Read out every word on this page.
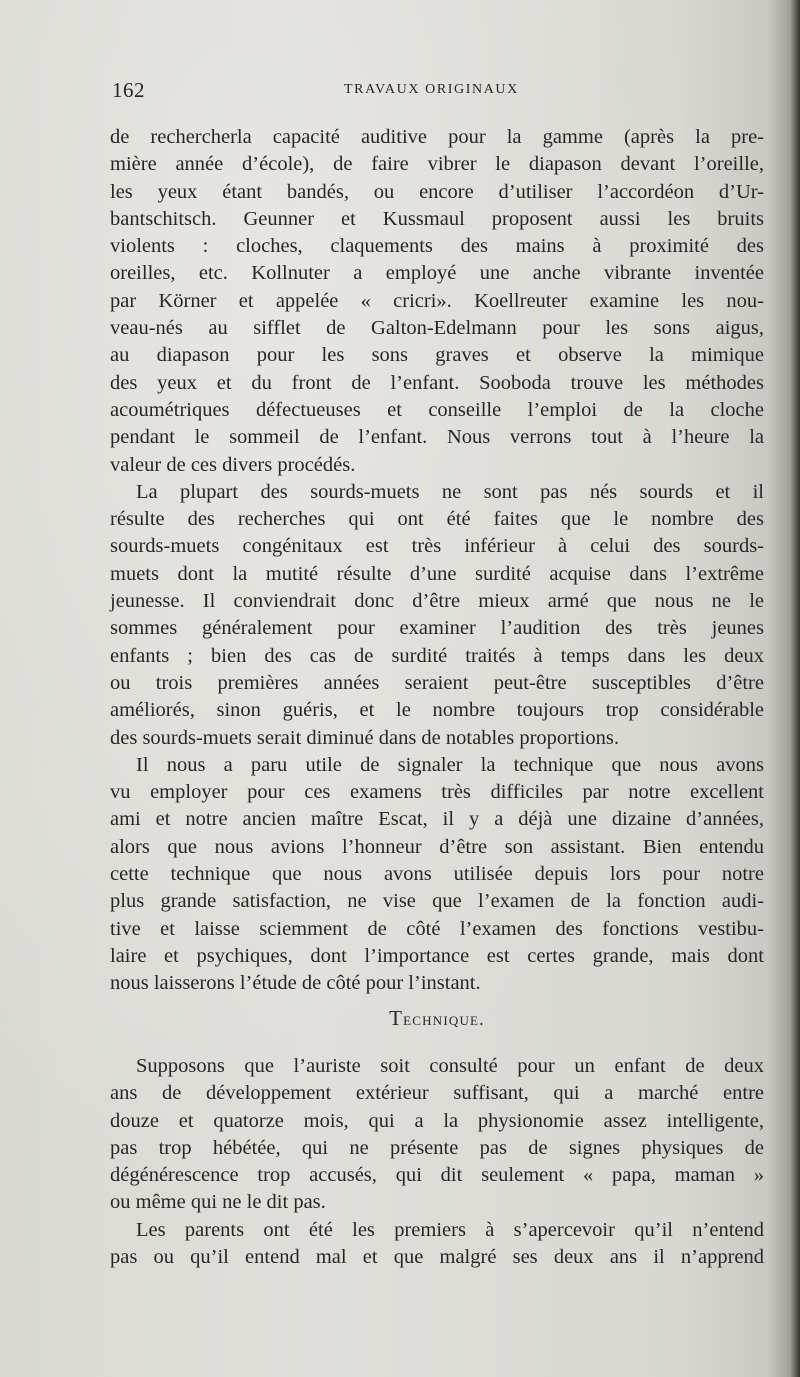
162	TRAVAUX ORIGINAUX
de rechercherla capacité auditive pour la gamme (après la pre-
mière année d’école), de faire vibrer le diapason devant l’oreille,
les yeux étant bandés, ou encore d’utiliser l’accordéon d’Ur-
bantschitsch. Geunner et Kussmaul proposent aussi les bruits
violents : cloches, claquements des mains à proximité des
oreilles, etc. Kollnuter a employé une anche vibrante inventée
par Körner et appelée « cricri». Koellreuter examine les nou-
veau-nés au sifflet de Galton-Edelmann pour les sons aigus,
au diapason pour les sons graves et observe la mimique
des yeux et du front de l’enfant. Sooboda trouve les méthodes
acoumétriques défectueuses et conseille l’emploi de la cloche
pendant le sommeil de l’enfant. Nous verrons tout à l’heure la
valeur de ces divers procédés.
La plupart des sourds-muets ne sont pas nés sourds et il
résulte des recherches qui ont été faites que le nombre des
sourds-muets congénitaux est très inférieur à celui des sourds-
muets dont la mutité résulte d’une surdité acquise dans l’extrême
jeunesse. Il conviendrait donc d’être mieux armé que nous ne le
sommes généralement pour examiner l’audition des très jeunes
enfants ; bien des cas de surdité traités à temps dans les deux
ou trois premières années seraient peut-être susceptibles d’être
améliorés, sinon guéris, et le nombre toujours trop considérable
des sourds-muets serait diminué dans de notables proportions.
Il nous a paru utile de signaler la technique que nous avons
vu employer pour ces examens très difficiles par notre excellent
ami et notre ancien maître Escat, il y a déjà une dizaine d’années,
alors que nous avions l’honneur d’être son assistant. Bien entendu
cette technique que nous avons utilisée depuis lors pour notre
plus grande satisfaction, ne vise que l’examen de la fonction audi-
tive et laisse sciemment de côté l’examen des fonctions vestibu-
laire et psychiques, dont l’importance est certes grande, mais dont
nous laisserons l’étude de côté pour l’instant.
Technique.
Supposons que l’auriste soit consulté pour un enfant de deux
ans de développement extérieur suffisant, qui a marché entre
douze et quatorze mois, qui a la physionomie assez intelligente,
pas trop hébétée, qui ne présente pas de signes physiques de
dégénérescence trop accusés, qui dit seulement « papa, maman »
ou même qui ne le dit pas.
Les parents ont été les premiers à s’apercevoir qu’il n’entend
pas ou qu’il entend mal et que malgré ses deux ans il n’apprend
